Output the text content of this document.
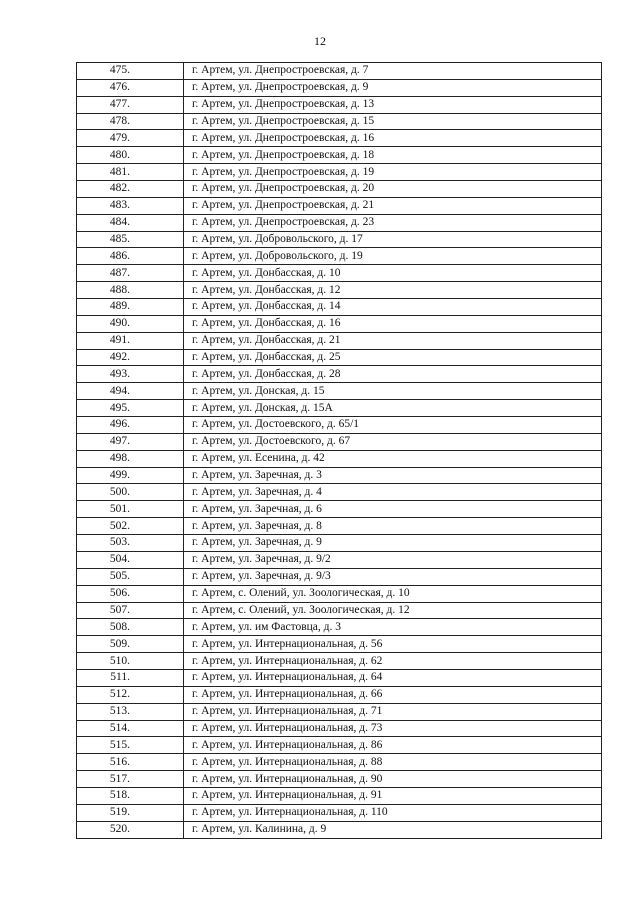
12
475.	г. Артем, ул. Днепростроевская, д. 7
476.	г. Артем, ул. Днепростроевская, д. 9
477.	г. Артем, ул. Днепростроевская, д. 13
478.	г. Артем, ул. Днепростроевская, д. 15
479.	г. Артем, ул. Днепростроевская, д. 16
480.	г. Артем, ул. Днепростроевская, д. 18
481.	г. Артем, ул. Днепростроевская, д. 19
482.	г. Артем, ул. Днепростроевская, д. 20
483.	г. Артем, ул. Днепростроевская, д. 21
484.	г. Артем, ул. Днепростроевская, д. 23
485.	г. Артем, ул. Добровольского, д. 17
486.	г. Артем, ул. Добровольского, д. 19
487.	г. Артем, ул. Донбасская, д. 10
488.	г. Артем, ул. Донбасская, д. 12
489.	г. Артем, ул. Донбасская, д. 14
490.	г. Артем, ул. Донбасская, д. 16
491.	г. Артем, ул. Донбасская, д. 21
492.	г. Артем, ул. Донбасская, д. 25
493.	г. Артем, ул. Донбасская, д. 28
494.	г. Артем, ул. Донская, д. 15
495.	г. Артем, ул. Донская, д. 15А
496.	г. Артем, ул. Достоевского, д. 65/1
497.	г. Артем, ул. Достоевского, д. 67
498.	г. Артем, ул. Есенина, д. 42
499.	г. Артем, ул. Заречная, д. 3
500.	г. Артем, ул. Заречная, д. 4
501.	г. Артем, ул. Заречная, д. 6
502.	г. Артем, ул. Заречная, д. 8
503.	г. Артем, ул. Заречная, д. 9
504.	г. Артем, ул. Заречная, д. 9/2
505.	г. Артем, ул. Заречная, д. 9/3
506.	г. Артем, с. Олений, ул. Зоологическая, д. 10
507.	г. Артем, с. Олений, ул. Зоологическая, д. 12
508.	г. Артем, ул. им Фастовца, д. 3
509.	г. Артем, ул. Интернациональная, д. 56
510.	г. Артем, ул. Интернациональная, д. 62
511.	г. Артем, ул. Интернациональная, д. 64
512.	г. Артем, ул. Интернациональная, д. 66
513.	г. Артем, ул. Интернациональная, д. 71
514.	г. Артем, ул. Интернациональная, д. 73
515.	г. Артем, ул. Интернациональная, д. 86
516.	г. Артем, ул. Интернациональная, д. 88
517.	г. Артем, ул. Интернациональная, д. 90
518.	г. Артем, ул. Интернациональная, д. 91
519.	г. Артем, ул. Интернациональная, д. 110
520.	г. Артем, ул. Калинина, д. 9
